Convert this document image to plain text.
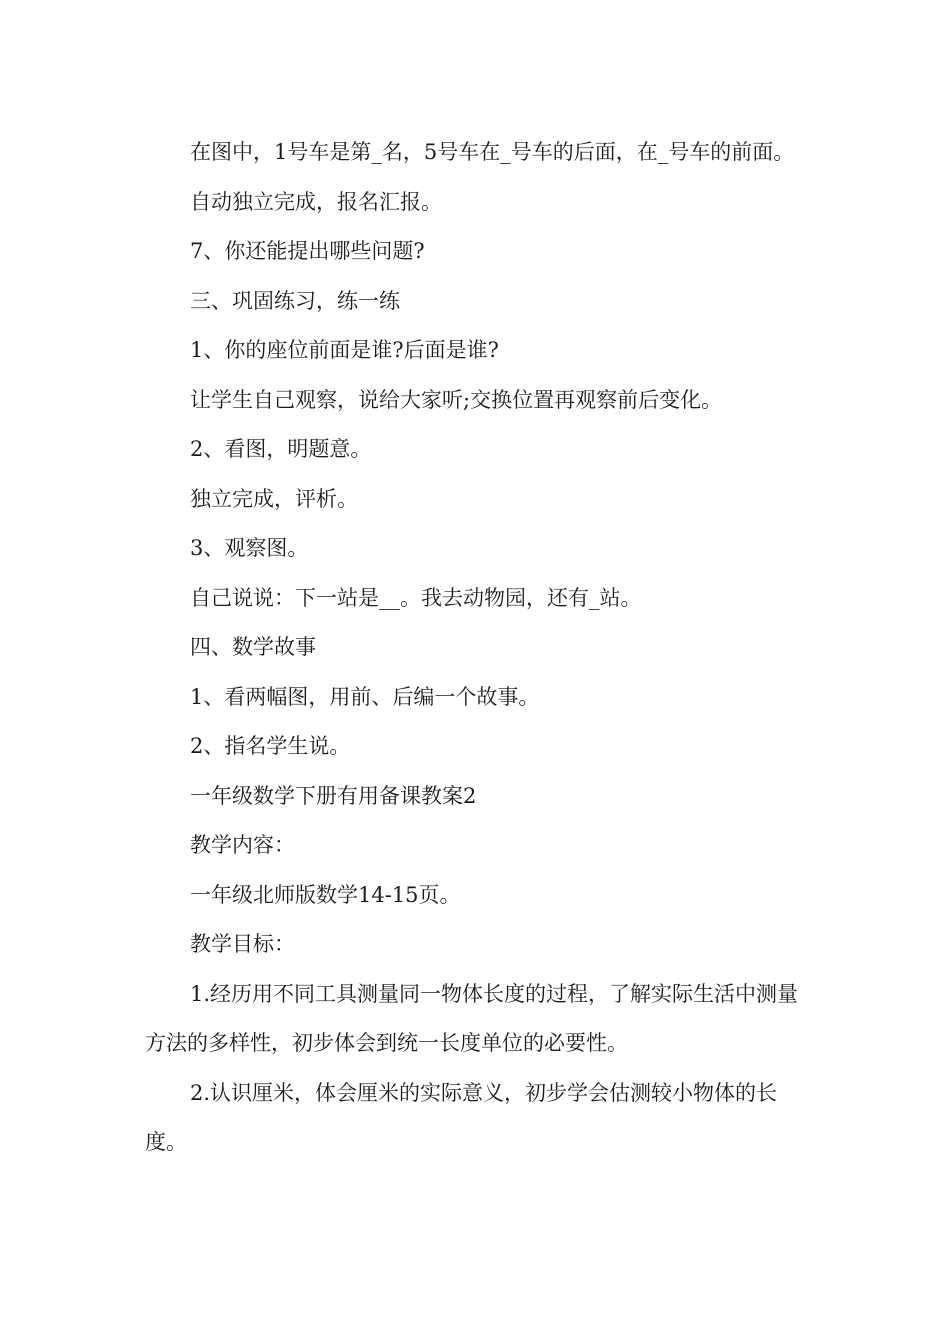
在图中，1号车是第_名，5号车在_号车的后面，在_号车的前面。

自动独立完成，报名汇报。

7、你还能提出哪些问题?

三、巩固练习，练一练

1、你的座位前面是谁?后面是谁?

让学生自己观察，说给大家听;交换位置再观察前后变化。

2、看图，明题意。

独立完成，评析。

3、观察图。

自己说说：下一站是__。我去动物园，还有_站。

四、数学故事

1、看两幅图，用前、后编一个故事。

2、指名学生说。

一年级数学下册有用备课教案2

教学内容：

一年级北师版数学14-15页。

教学目标：

1.经历用不同工具测量同一物体长度的过程，了解实际生活中测量方法的多样性，初步体会到统一长度单位的必要性。

2.认识厘米，体会厘米的实际意义，初步学会估测较小物体的长度。
